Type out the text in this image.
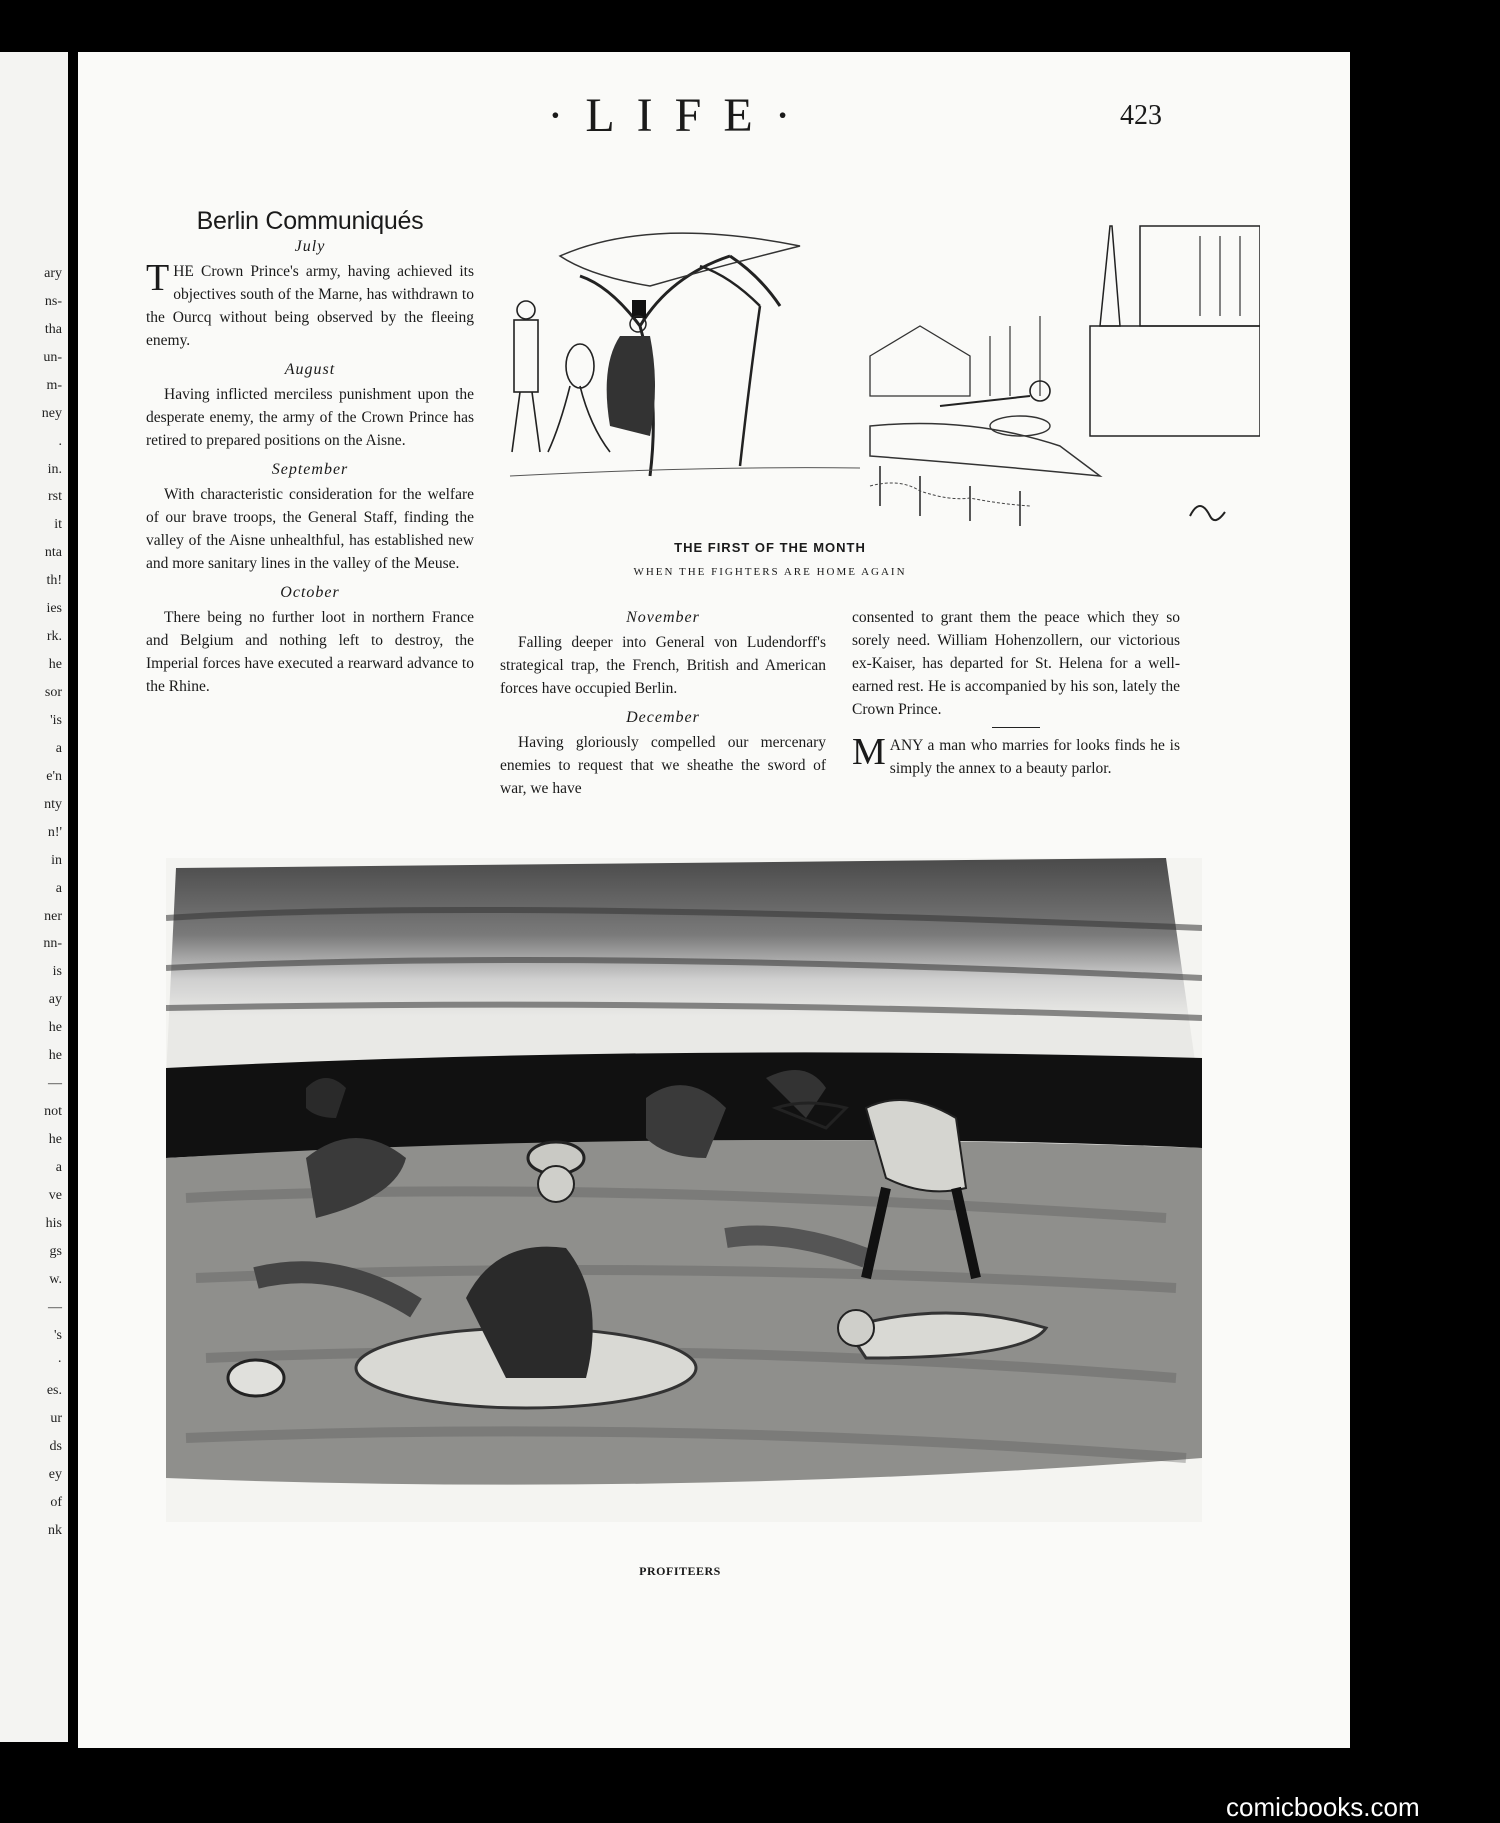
ary
ns-
tha
un-
m-
ney
.
in.
rst
it
nta
th!
ies
rk.
he
sor
'is
a
e'n
nty
n!'
in
a
ner
nn-
is
ay
he
he
—
not
he
a
ve
his
gs
w.
—
's
·
es.
ur
ds
ey
of
nk
·LIFE·	423
Berlin Communiqués
July

THE Crown Prince's army, having achieved its objectives south of the Marne, has withdrawn to the Ourcq without being observed by the fleeing enemy.

August

Having inflicted merciless punishment upon the desperate enemy, the army of the Crown Prince has retired to prepared positions on the Aisne.

September

With characteristic consideration for the welfare of our brave troops, the General Staff, finding the valley of the Aisne unhealthful, has established new and more sanitary lines in the valley of the Meuse.

October

There being no further loot in northern France and Belgium and nothing left to destroy, the Imperial forces have executed a rearward advance to the Rhine.

November

Falling deeper into General von Ludendorff's strategical trap, the French, British and American forces have occupied Berlin.

December

Having gloriously compelled our mercenary enemies to request that we sheathe the sword of war, we have

consented to grant them the peace which they so sorely need. William Hohenzollern, our victorious ex-Kaiser, has departed for St. Helena for a well-earned rest. He is accompanied by his son, lately the Crown Prince.

MANY a man who marries for looks finds he is simply the annex to a beauty parlor.

THE FIRST OF THE MONTH
WHEN THE FIGHTERS ARE HOME AGAIN
PROFITEERS
comicbooks.com
